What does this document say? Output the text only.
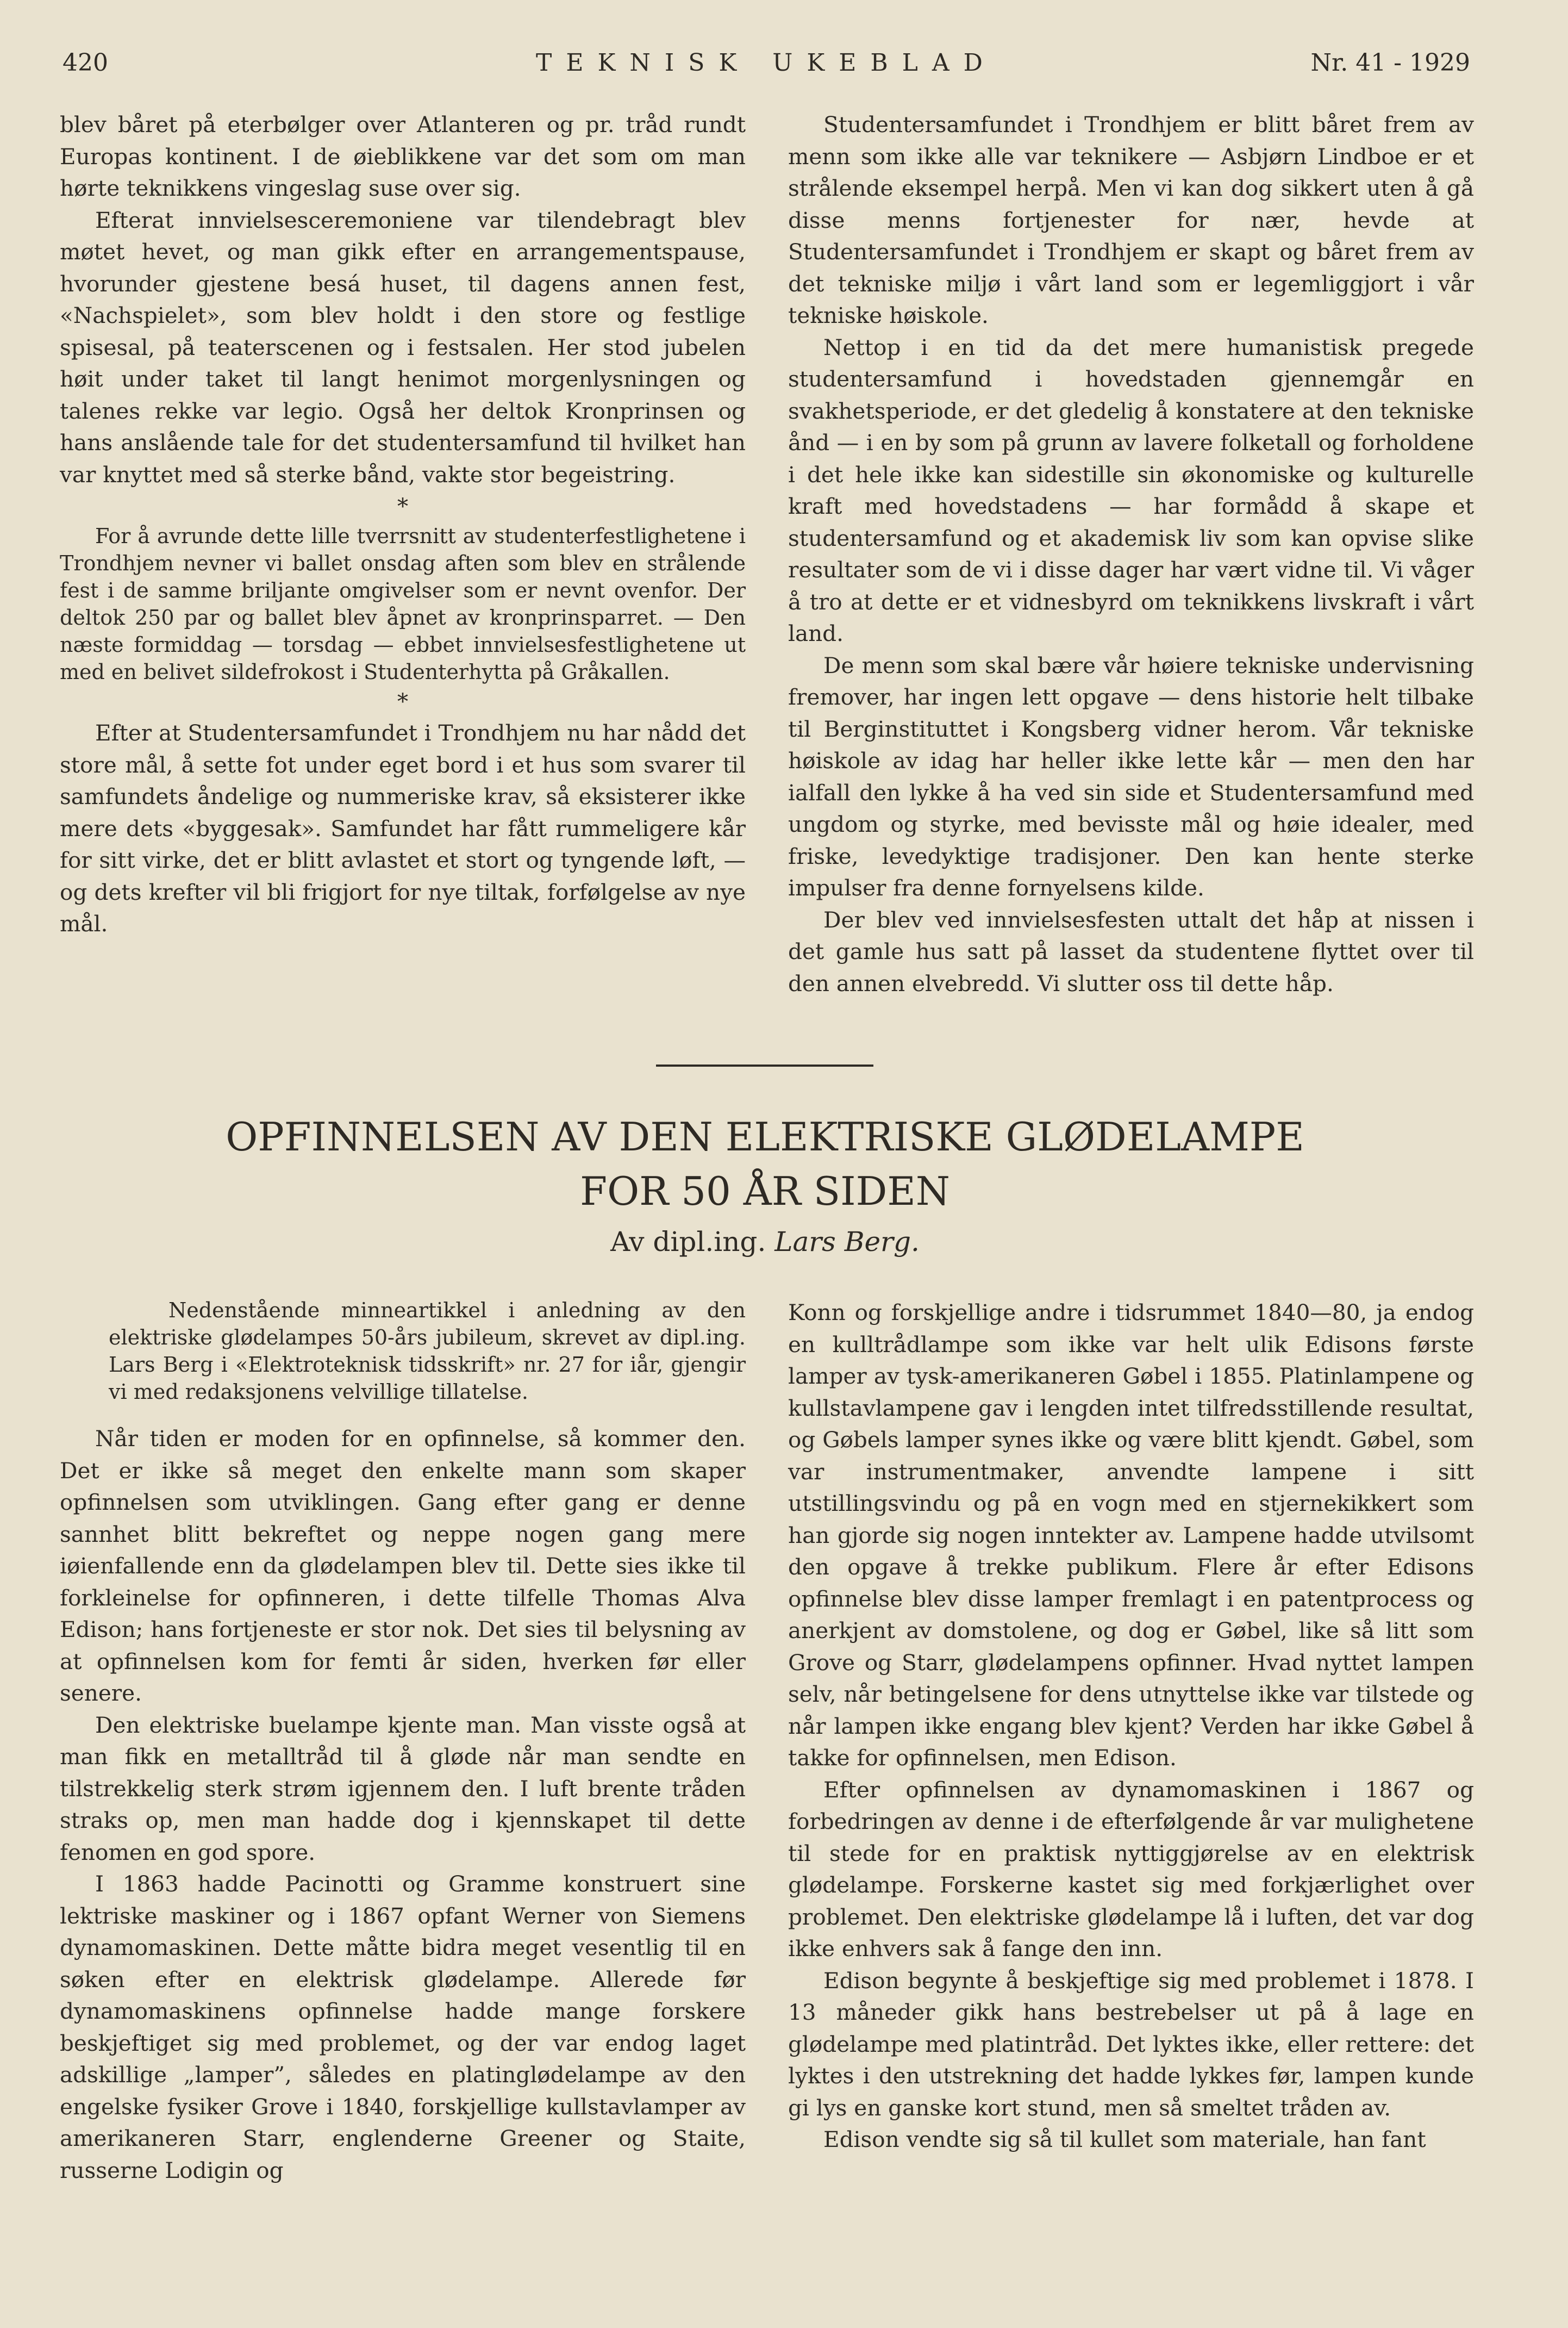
420	TEKNISK UKEBLAD	Nr. 41 - 1929

blev båret på eterbølger over Atlanteren og pr. tråd rundt Europas kontinent. I de øieblikkene var det som om man hørte teknikkens vingeslag suse over sig.

Efterat innvielsesceremoniene var tilendebragt blev møtet hevet, og man gikk efter en arrangementspause, hvorunder gjestene besá huset, til dagens annen fest, «Nachspielet», som blev holdt i den store og festlige spisesal, på teaterscenen og i festsalen. Her stod jubelen høit under taket til langt henimot morgenlysningen og talenes rekke var legio. Også her deltok Kronprinsen og hans anslående tale for det studentersamfund til hvilket han var knyttet med så sterke bånd, vakte stor begeistring.

*

For å avrunde dette lille tverrsnitt av studenterfestlighetene i Trondhjem nevner vi ballet onsdag aften som blev en strålende fest i de samme briljante omgivelser som er nevnt ovenfor. Der deltok 250 par og ballet blev åpnet av kronprinsparret. — Den næste formiddag — torsdag — ebbet innvielsesfestlighetene ut med en belivet sildefrokost i Studenterhytta på Gråkallen.

*

Efter at Studentersamfundet i Trondhjem nu har nådd det store mål, å sette fot under eget bord i et hus som svarer til samfundets åndelige og nummeriske krav, så eksisterer ikke mere dets «byggesak». Samfundet har fått rummeligere kår for sitt virke, det er blitt avlastet et stort og tyngende løft, — og dets krefter vil bli frigjort for nye tiltak, forfølgelse av nye mål.

Studentersamfundet i Trondhjem er blitt båret frem av menn som ikke alle var teknikere — Asbjørn Lindboe er et strålende eksempel herpå. Men vi kan dog sikkert uten å gå disse menns fortjenester for nær, hevde at Studentersamfundet i Trondhjem er skapt og båret frem av det tekniske miljø i vårt land som er legemliggjort i vår tekniske høiskole.

Nettop i en tid da det mere humanistisk pregede studentersamfund i hovedstaden gjennemgår en svakhetsperiode, er det gledelig å konstatere at den tekniske ånd — i en by som på grunn av lavere folketall og forholdene i det hele ikke kan sidestille sin økonomiske og kulturelle kraft med hovedstadens — har formådd å skape et studentersamfund og et akademisk liv som kan opvise slike resultater som de vi i disse dager har vært vidne til. Vi våger å tro at dette er et vidnesbyrd om teknikkens livskraft i vårt land.

De menn som skal bære vår høiere tekniske undervisning fremover, har ingen lett opgave — dens historie helt tilbake til Berginstituttet i Kongsberg vidner herom. Vår tekniske høiskole av idag har heller ikke lette kår — men den har ialfall den lykke å ha ved sin side et Studentersamfund med ungdom og styrke, med bevisste mål og høie idealer, med friske, levedyktige tradisjoner. Den kan hente sterke impulser fra denne fornyelsens kilde.

Der blev ved innvielsesfesten uttalt det håp at nissen i det gamle hus satt på lasset da studentene flyttet over til den annen elvebredd. Vi slutter oss til dette håp.

OPFINNELSEN AV DEN ELEKTRISKE GLØDELAMPE
FOR 50 ÅR SIDEN
Av dipl.ing. Lars Berg.

Nedenstående minneartikkel i anledning av den elektriske glødelampes 50-års jubileum, skrevet av dipl.ing. Lars Berg i «Elektroteknisk tidsskrift» nr. 27 for iår, gjengir vi med redaksjonens velvillige tillatelse.

Når tiden er moden for en opfinnelse, så kommer den. Det er ikke så meget den enkelte mann som skaper opfinnelsen som utviklingen. Gang efter gang er denne sannhet blitt bekreftet og neppe nogen gang mere iøienfallende enn da glødelampen blev til. Dette sies ikke til forkleinelse for opfinneren, i dette tilfelle Thomas Alva Edison; hans fortjeneste er stor nok. Det sies til belysning av at opfinnelsen kom for femti år siden, hverken før eller senere.

Den elektriske buelampe kjente man. Man visste også at man fikk en metalltråd til å gløde når man sendte en tilstrekkelig sterk strøm igjennem den. I luft brente tråden straks op, men man hadde dog i kjennskapet til dette fenomen en god spore.

I 1863 hadde Pacinotti og Gramme konstruert sine lektriske maskiner og i 1867 opfant Werner von Siemens dynamomaskinen. Dette måtte bidra meget vesentlig til en søken efter en elektrisk glødelampe. Allerede før dynamomaskinens opfinnelse hadde mange forskere beskjeftiget sig med problemet, og der var endog laget adskillige „lamper”, således en platinglødelampe av den engelske fysiker Grove i 1840, forskjellige kullstavlamper av amerikaneren Starr, englenderne Greener og Staite, russerne Lodigin og

Konn og forskjellige andre i tidsrummet 1840—80, ja endog en kulltrådlampe som ikke var helt ulik Edisons første lamper av tysk-amerikaneren Gøbel i 1855. Platinlampene og kullstavlampene gav i lengden intet tilfredsstillende resultat, og Gøbels lamper synes ikke og være blitt kjendt. Gøbel, som var instrumentmaker, anvendte lampene i sitt utstillingsvindu og på en vogn med en stjernekikkert som han gjorde sig nogen inntekter av. Lampene hadde utvilsomt den opgave å trekke publikum. Flere år efter Edisons opfinnelse blev disse lamper fremlagt i en patentprocess og anerkjent av domstolene, og dog er Gøbel, like så litt som Grove og Starr, glødelampens opfinner. Hvad nyttet lampen selv, når betingelsene for dens utnyttelse ikke var tilstede og når lampen ikke engang blev kjent? Verden har ikke Gøbel å takke for opfinnelsen, men Edison.

Efter opfinnelsen av dynamomaskinen i 1867 og forbedringen av denne i de efterfølgende år var mulighetene til stede for en praktisk nyttiggjørelse av en elektrisk glødelampe. Forskerne kastet sig med forkjærlighet over problemet. Den elektriske glødelampe lå i luften, det var dog ikke enhvers sak å fange den inn.

Edison begynte å beskjeftige sig med problemet i 1878. I 13 måneder gikk hans bestrebelser ut på å lage en glødelampe med platintråd. Det lyktes ikke, eller rettere: det lyktes i den utstrekning det hadde lykkes før, lampen kunde gi lys en ganske kort stund, men så smeltet tråden av.

Edison vendte sig så til kullet som materiale, han fant
